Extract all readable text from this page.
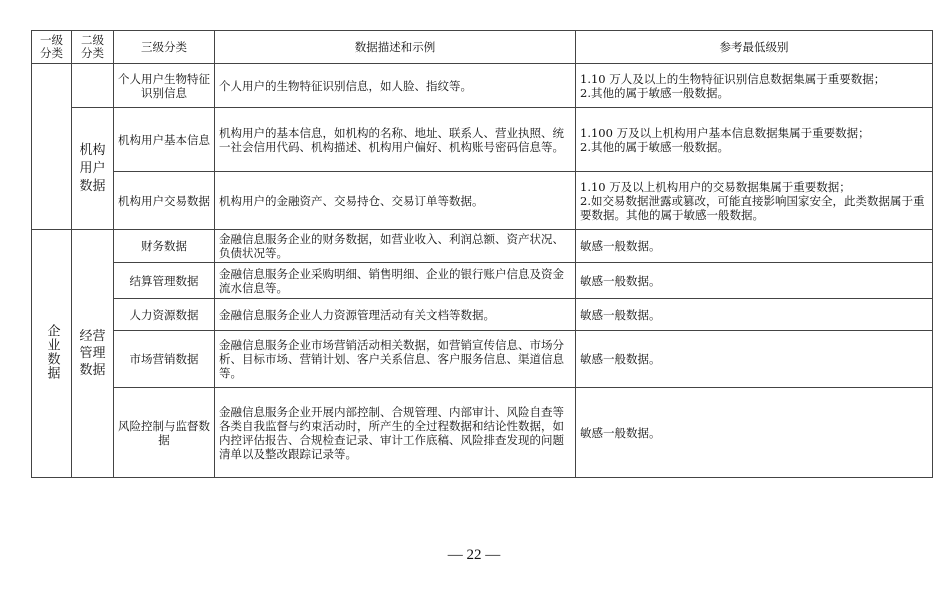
一级分类	二级分类	三级分类	数据描述和示例	参考最低级别
		个人用户生物特征识别信息	个人用户的生物特征识别信息，如人脸、指纹等。	1.10 万人及以上的生物特征识别信息数据集属于重要数据；
2.其他的属于敏感一般数据。
	机构用户数据	机构用户基本信息	机构用户的基本信息，如机构的名称、地址、联系人、营业执照、统一社会信用代码、机构描述、机构用户偏好、机构账号密码信息等。	1.100 万及以上机构用户基本信息数据集属于重要数据；
2.其他的属于敏感一般数据。
		机构用户交易数据	机构用户的金融资产、交易持仓、交易订单等数据。	1.10 万及以上机构用户的交易数据集属于重要数据；
2.如交易数据泄露或篡改，可能直接影响国家安全，此类数据属于重要数据。其他的属于敏感一般数据。
企业数据	经营管理数据	财务数据	金融信息服务企业的财务数据，如营业收入、利润总额、资产状况、负债状况等。	敏感一般数据。
		结算管理数据	金融信息服务企业采购明细、销售明细、企业的银行账户信息及资金流水信息等。	敏感一般数据。
		人力资源数据	金融信息服务企业人力资源管理活动有关文档等数据。	敏感一般数据。
		市场营销数据	金融信息服务企业市场营销活动相关数据，如营销宣传信息、市场分析、目标市场、营销计划、客户关系信息、客户服务信息、渠道信息等。	敏感一般数据。
		风险控制与监督数据	金融信息服务企业开展内部控制、合规管理、内部审计、风险自查等各类自我监督与约束活动时，所产生的全过程数据和结论性数据，如内控评估报告、合规检查记录、审计工作底稿、风险排查发现的问题清单以及整改跟踪记录等。	敏感一般数据。
— 22 —
